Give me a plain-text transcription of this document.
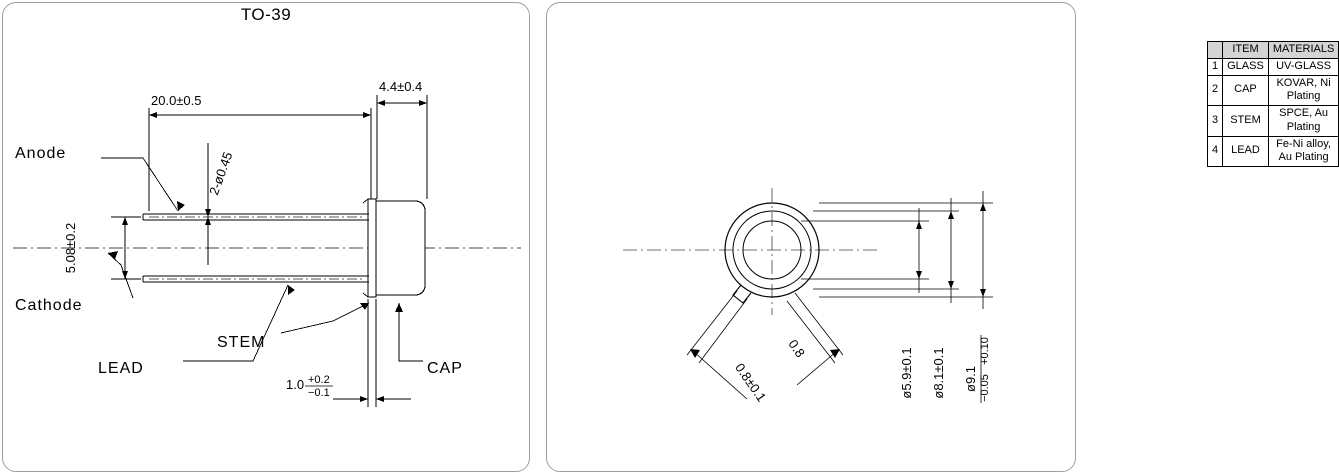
TO-39
20.0±0.5
4.4±0.4
5.08±0.2
2-ø0.45
Anode
Cathode
LEAD
STEM
CAP
1.0 +0.2
−0.1
	ITEM	MATERIALS
1	GLASS	UV-GLASS
2	CAP	KOVAR, Ni Plating
3	STEM	SPCE, Au Plating
4	LEAD	Fe-Ni alloy, Au Plating
ø5.9±0.1 ø8.1±0.1 ø9.1
+0.10
−0.05
0.8
0.8±0.1
